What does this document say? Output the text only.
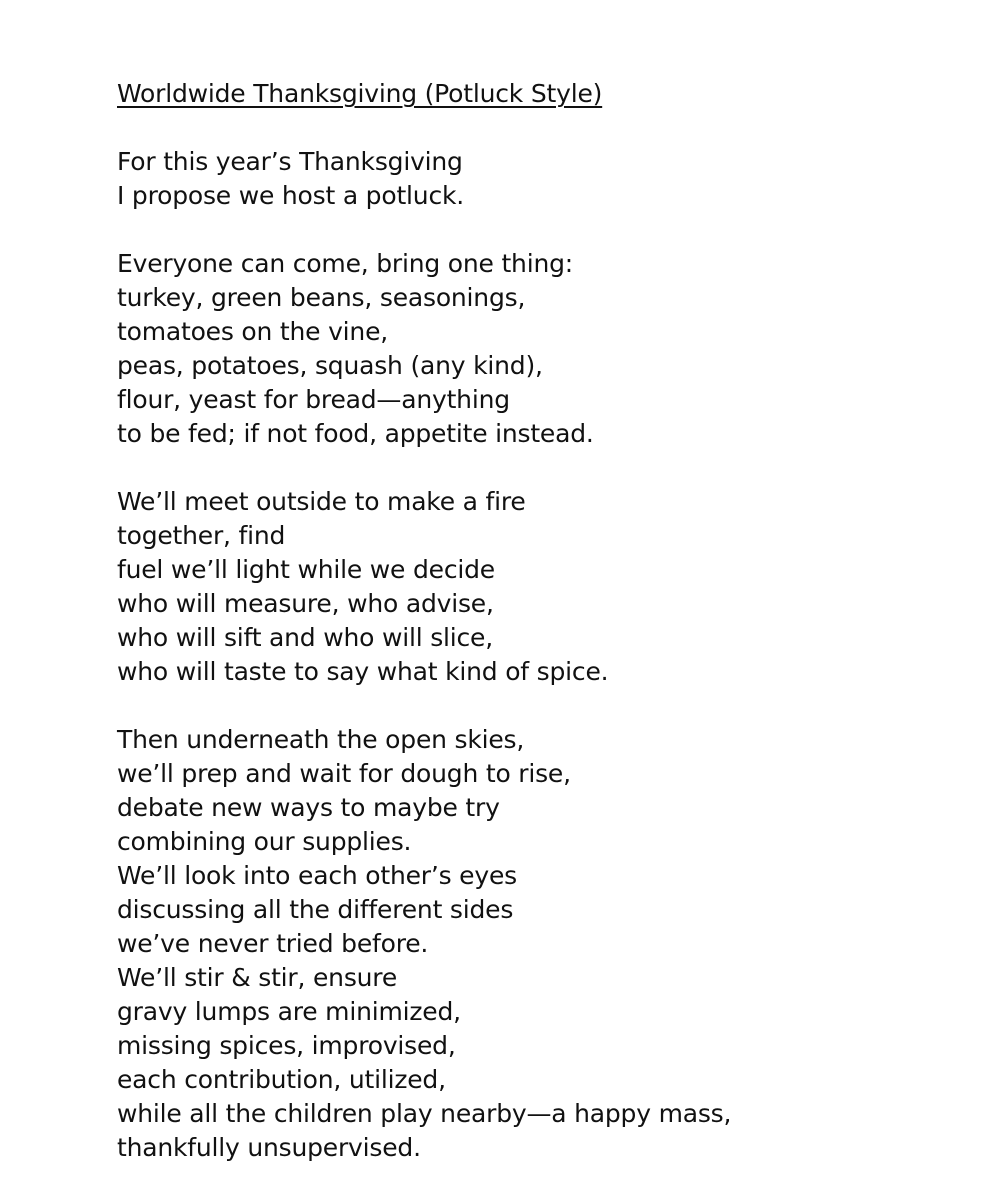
Worldwide Thanksgiving (Potluck Style)
For this year’s Thanksgiving
I propose we host a potluck.
Everyone can come, bring one thing:
turkey, green beans, seasonings,
tomatoes on the vine,
peas, potatoes, squash (any kind),
flour, yeast for bread—anything
to be fed; if not food, appetite instead.
We’ll meet outside to make a fire
together, find
fuel we’ll light while we decide
who will measure, who advise,
who will sift and who will slice,
who will taste to say what kind of spice.
Then underneath the open skies,
we’ll prep and wait for dough to rise,
debate new ways to maybe try
combining our supplies.
We’ll look into each other’s eyes
discussing all the different sides
we’ve never tried before.
We’ll stir & stir, ensure
gravy lumps are minimized,
missing spices, improvised,
each contribution, utilized,
while all the children play nearby—a happy mass,
thankfully unsupervised.
